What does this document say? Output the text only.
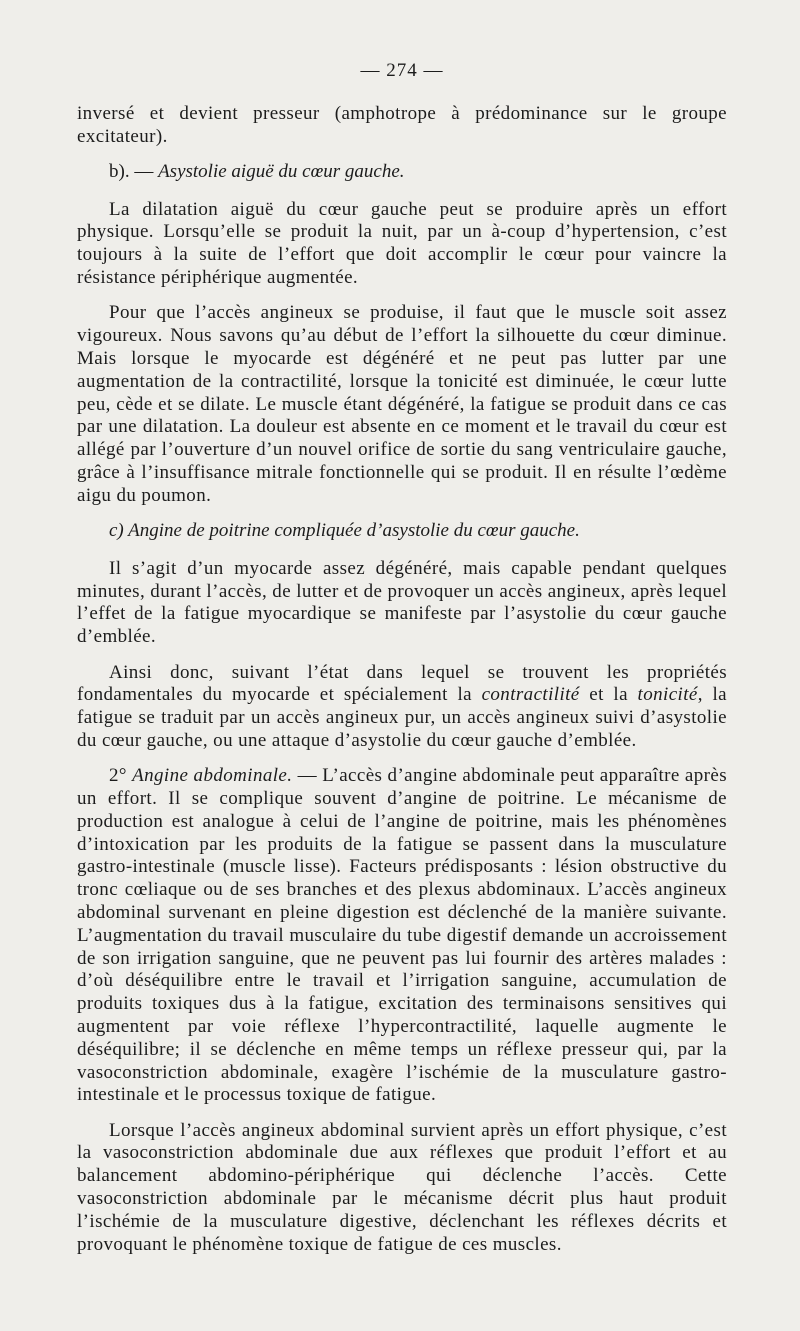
— 274 —

inversé et devient presseur (amphotrope à prédominance sur le groupe excitateur).

b). — Asystolie aiguë du cœur gauche.

La dilatation aiguë du cœur gauche peut se produire après un effort physique. Lorsqu’elle se produit la nuit, par un à-coup d’hypertension, c’est toujours à la suite de l’effort que doit accomplir le cœur pour vaincre la résistance périphérique augmentée.

Pour que l’accès angineux se produise, il faut que le muscle soit assez vigoureux. Nous savons qu’au début de l’effort la silhouette du cœur diminue. Mais lorsque le myocarde est dégénéré et ne peut pas lutter par une augmentation de la contractilité, lorsque la tonicité est diminuée, le cœur lutte peu, cède et se dilate. Le muscle étant dégénéré, la fatigue se produit dans ce cas par une dilatation. La douleur est absente en ce moment et le travail du cœur est allégé par l’ouverture d’un nouvel orifice de sortie du sang ventriculaire gauche, grâce à l’insuffisance mitrale fonctionnelle qui se produit. Il en résulte l’œdème aigu du poumon.

c) Angine de poitrine compliquée d’asystolie du cœur gauche.

Il s’agit d’un myocarde assez dégénéré, mais capable pendant quelques minutes, durant l’accès, de lutter et de provoquer un accès angineux, après lequel l’effet de la fatigue myocardique se manifeste par l’asystolie du cœur gauche d’emblée.

Ainsi donc, suivant l’état dans lequel se trouvent les propriétés fondamentales du myocarde et spécialement la contractilité et la tonicité, la fatigue se traduit par un accès angineux pur, un accès angineux suivi d’asystolie du cœur gauche, ou une attaque d’asystolie du cœur gauche d’emblée.

2° Angine abdominale. — L’accès d’angine abdominale peut apparaître après un effort. Il se complique souvent d’angine de poitrine. Le mécanisme de production est analogue à celui de l’angine de poitrine, mais les phénomènes d’intoxication par les produits de la fatigue se passent dans la musculature gastro-intestinale (muscle lisse). Facteurs prédisposants : lésion obstructive du tronc cœliaque ou de ses branches et des plexus abdominaux. L’accès angineux abdominal survenant en pleine digestion est déclenché de la manière suivante. L’augmentation du travail musculaire du tube digestif demande un accroissement de son irrigation sanguine, que ne peuvent pas lui fournir des artères malades : d’où déséquilibre entre le travail et l’irrigation sanguine, accumulation de produits toxiques dus à la fatigue, excitation des terminaisons sensitives qui augmentent par voie réflexe l’hypercontractilité, laquelle augmente le déséquilibre; il se déclenche en même temps un réflexe presseur qui, par la vasoconstriction abdominale, exagère l’ischémie de la musculature gastro-intestinale et le processus toxique de fatigue.

Lorsque l’accès angineux abdominal survient après un effort physique, c’est la vasoconstriction abdominale due aux réflexes que produit l’effort et au balancement abdomino-périphérique qui déclenche l’accès. Cette vasoconstriction abdominale par le mécanisme décrit plus haut produit l’ischémie de la musculature digestive, déclenchant les réflexes décrits et provoquant le phénomène toxique de fatigue de ces muscles.
